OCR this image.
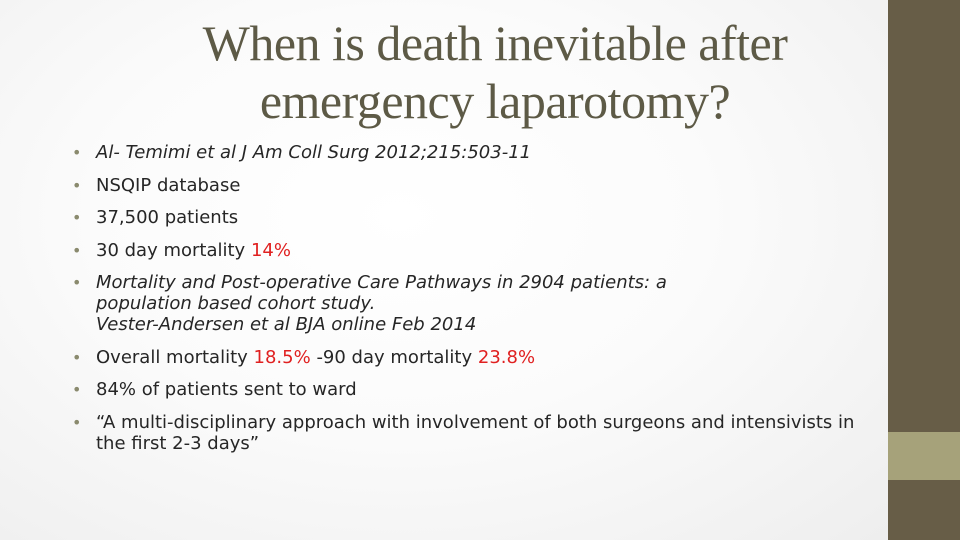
When is death inevitable after emergency laparotomy?
• Al- Temimi et al J Am Coll Surg 2012;215:503-11
• NSQIP database
• 37,500 patients
• 30 day mortality 14%
• Mortality and Post-operative Care Pathways in 2904 patients: a
population based cohort study.
Vester-Andersen et al BJA online Feb 2014
• Overall mortality 18.5% -90 day mortality 23.8%
• 84% of patients sent to ward
• “A multi-disciplinary approach with involvement of both surgeons and intensivists in the first 2-3 days”
